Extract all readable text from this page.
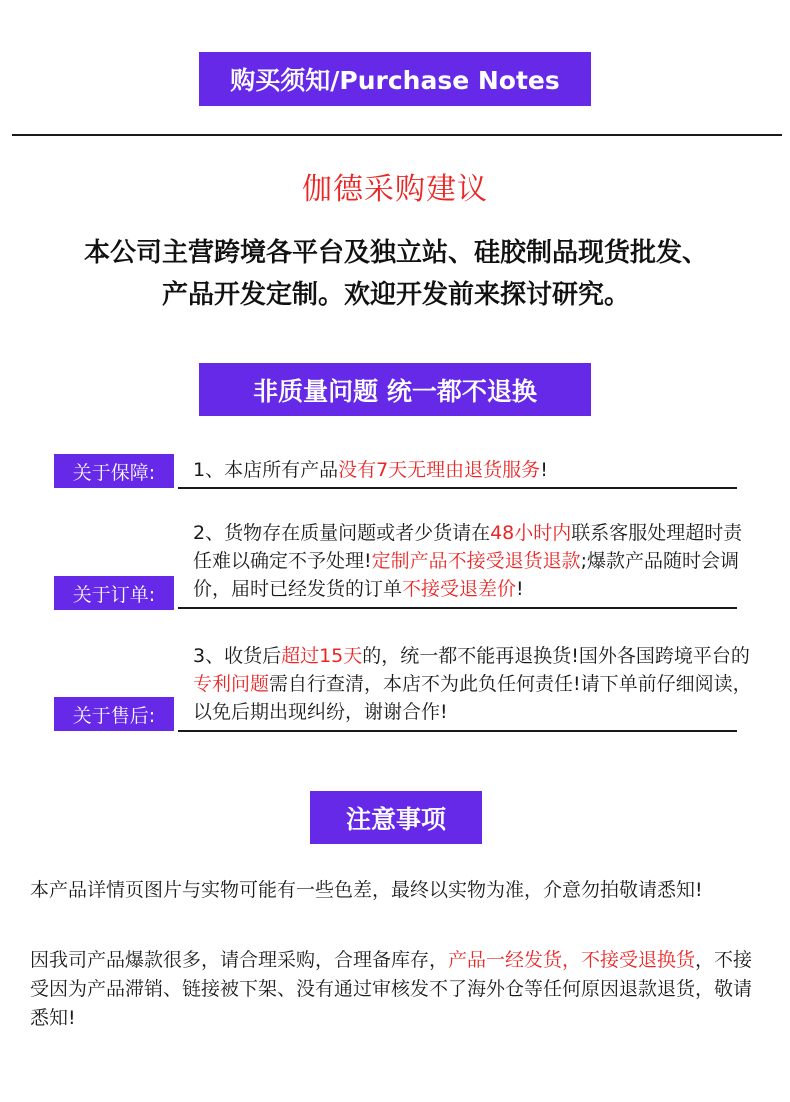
购买须知/Purchase Notes
伽德采购建议
本公司主营跨境各平台及独立站、硅胶制品现货批发、
产品开发定制。欢迎开发前来探讨研究。
非质量问题 统一都不退换
关于保障:	1、本店所有产品没有7天无理由退货服务!
2、货物存在质量问题或者少货请在48小时内联系客服处理超时责任难以确定不予处理!定制产品不接受退货退款;爆款产品随时会调价，届时已经发货的订单不接受退差价!
关于订单:
3、收货后超过15天的，统一都不能再退换货!国外各国跨境平台的专利问题需自行查清，本店不为此负任何责任!请下单前仔细阅读，以免后期出现纠纷，谢谢合作!
关于售后:
注意事项
本产品详情页图片与实物可能有一些色差，最终以实物为准，介意勿拍敬请悉知!
因我司产品爆款很多，请合理采购，合理备库存，产品一经发货，不接受退换货，不接受因为产品滞销、链接被下架、没有通过审核发不了海外仓等任何原因退款退货，敬请悉知!
